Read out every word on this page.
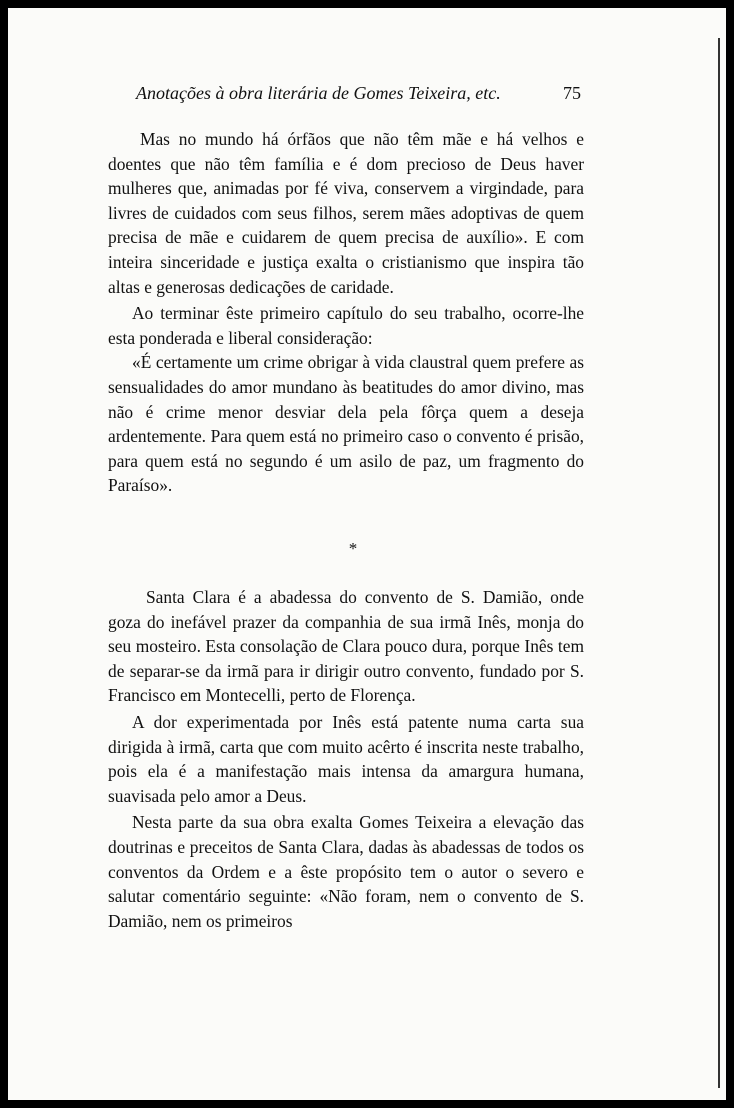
Anotações à obra literária de Gomes Teixeira, etc.	75

Mas no mundo há órfãos que não têm mãe e há velhos e doentes que não têm família e é dom precioso de Deus haver mulheres que, animadas por fé viva, conservem a virgindade, para livres de cuidados com seus filhos, serem mães adoptivas de quem precisa de mãe e cuidarem de quem precisa de auxílio». E com inteira sinceridade e justiça exalta o cristianismo que inspira tão altas e generosas dedicações de caridade.

Ao terminar êste primeiro capítulo do seu trabalho, ocorre-lhe esta ponderada e liberal consideração:

«É certamente um crime obrigar à vida claustral quem prefere as sensualidades do amor mundano às beatitudes do amor divino, mas não é crime menor desviar dela pela fôrça quem a deseja ardentemente. Para quem está no primeiro caso o convento é prisão, para quem está no segundo é um asilo de paz, um fragmento do Paraíso».

*

Santa Clara é a abadessa do convento de S. Damião, onde goza do inefável prazer da companhia de sua irmã Inês, monja do seu mosteiro. Esta consolação de Clara pouco dura, porque Inês tem de separar-se da irmã para ir dirigir outro convento, fundado por S. Francisco em Montecelli, perto de Florença.

A dor experimentada por Inês está patente numa carta sua dirigida à irmã, carta que com muito acêrto é inscrita neste trabalho, pois ela é a manifestação mais intensa da amargura humana, suavisada pelo amor a Deus.

Nesta parte da sua obra exalta Gomes Teixeira a elevação das doutrinas e preceitos de Santa Clara, dadas às abadessas de todos os conventos da Ordem e a êste propósito tem o autor o severo e salutar comentário seguinte: «Não foram, nem o convento de S. Damião, nem os primeiros
